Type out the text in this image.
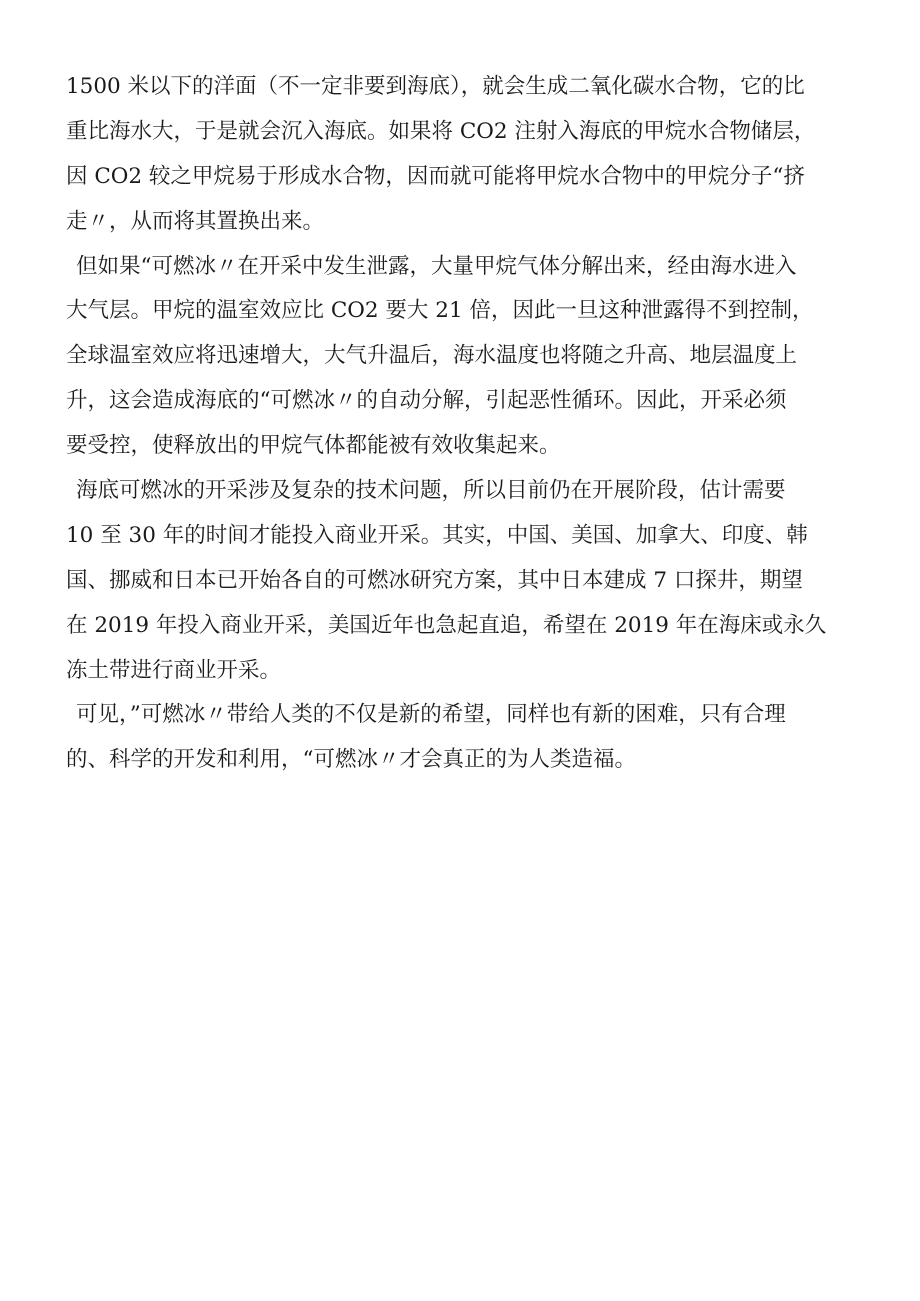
1500 米以下的洋面（不一定非要到海底），就会生成二氧化碳水合物，它的比
重比海水大，于是就会沉入海底。如果将 CO2 注射入海底的甲烷水合物储层，
因 CO2 较之甲烷易于形成水合物，因而就可能将甲烷水合物中的甲烷分子“挤
走〃，从而将其置换出来。
但如果“可燃冰〃在开采中发生泄露，大量甲烷气体分解出来，经由海水进入
大气层。甲烷的温室效应比 CO2 要大 21 倍，因此一旦这种泄露得不到控制，
全球温室效应将迅速增大，大气升温后，海水温度也将随之升高、地层温度上
升，这会造成海底的“可燃冰〃的自动分解，引起恶性循环。因此，开采必须
要受控，使释放出的甲烷气体都能被有效收集起来。
海底可燃冰的开采涉及复杂的技术问题，所以目前仍在开展阶段，估计需要
10 至 30 年的时间才能投入商业开采。其实，中国、美国、加拿大、印度、韩
国、挪威和日本已开始各自的可燃冰研究方案，其中日本建成 7 口探井，期望
在 2019 年投入商业开采，美国近年也急起直追，希望在 2019 年在海床或永久
冻土带进行商业开采。
可见，”可燃冰〃带给人类的不仅是新的希望，同样也有新的困难，只有合理
的、科学的开发和利用，“可燃冰〃才会真正的为人类造福。
